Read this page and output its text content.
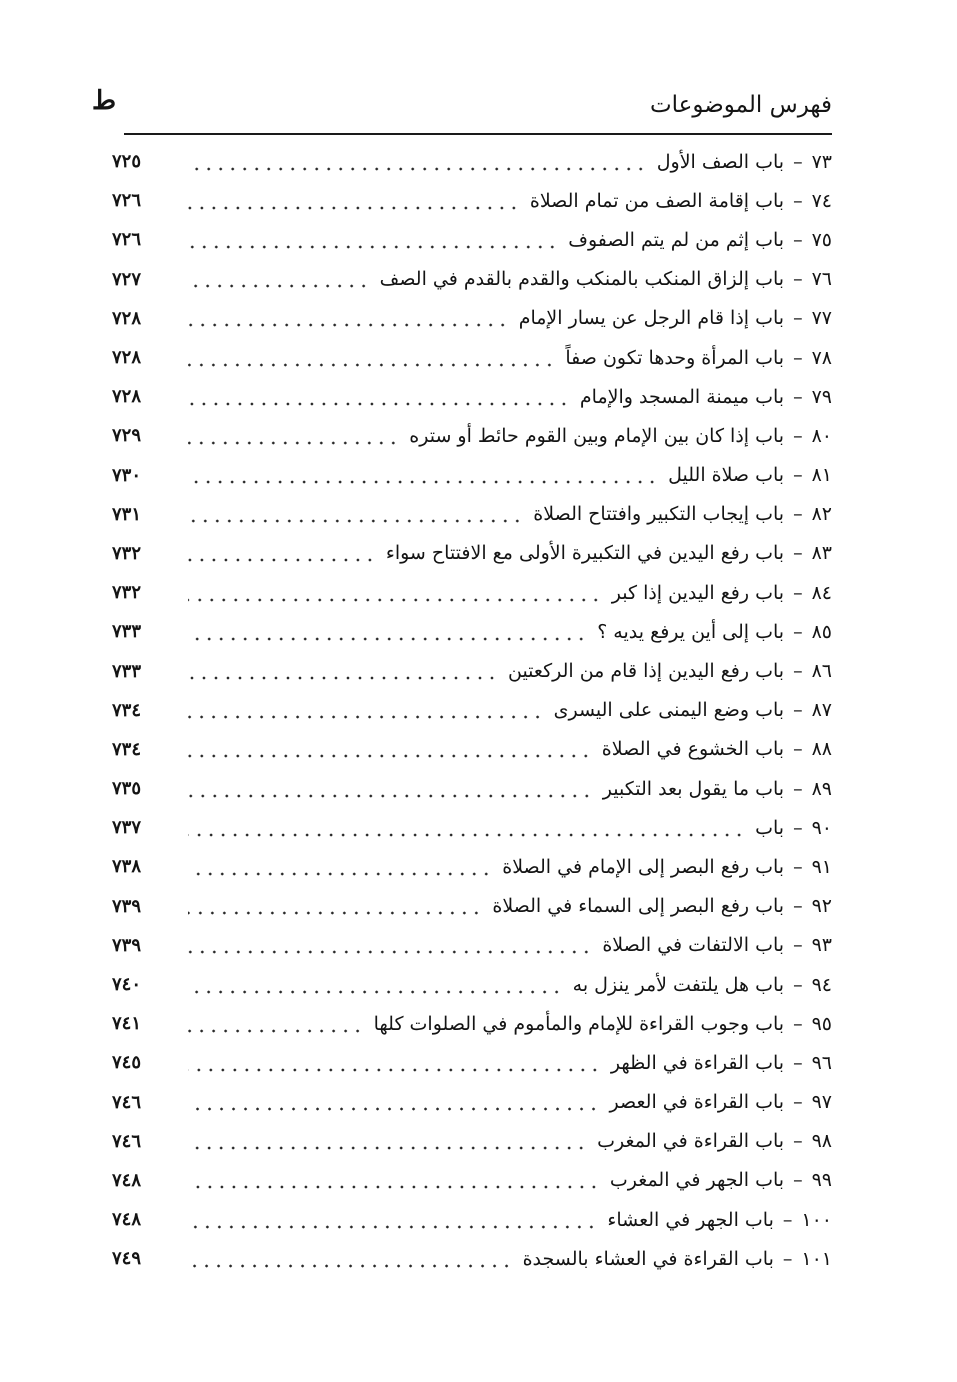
فهرس الموضوعات
ط
٧٣
–
باب الصف الأول
٧٢٥
٧٤
–
باب إقامة الصف من تمام الصلاة
٧٢٦
٧٥
–
باب إثم من لم يتم الصفوف
٧٢٦
٧٦
–
باب إلزاق المنكب بالمنكب والقدم بالقدم في الصف
٧٢٧
٧٧
–
باب إذا قام الرجل عن يسار الإمام
٧٢٨
٧٨
–
باب المرأة وحدها تكون صفاً
٧٢٨
٧٩
–
باب ميمنة المسجد والإمام
٧٢٨
٨٠
–
باب إذا كان بين الإمام وبين القوم حائط أو ستره
٧٢٩
٨١
–
باب صلاة الليل
٧٣٠
٨٢
–
باب إيجاب التكبير وافتتاح الصلاة
٧٣١
٨٣
–
باب رفع اليدين في التكبيرة الأولى مع الافتتاح سواء
٧٣٢
٨٤
–
باب رفع اليدين إذا كبر
٧٣٢
٨٥
–
باب إلى أين يرفع يديه ؟
٧٣٣
٨٦
–
باب رفع اليدين إذا قام من الركعتين
٧٣٣
٨٧
–
باب وضع اليمنى على اليسرى
٧٣٤
٨٨
–
باب الخشوع في الصلاة
٧٣٤
٨٩
–
باب ما يقول بعد التكبير
٧٣٥
٩٠
–
باب
٧٣٧
٩١
–
باب رفع البصر إلى الإمام في الصلاة
٧٣٨
٩٢
–
باب رفع البصر إلى السماء في الصلاة
٧٣٩
٩٣
–
باب الالتفات في الصلاة
٧٣٩
٩٤
–
باب هل يلتفت لأمر ينزل به
٧٤٠
٩٥
–
باب وجوب القراءة للإمام والمأموم في الصلوات كلها
٧٤١
٩٦
–
باب القراءة في الظهر
٧٤٥
٩٧
–
باب القراءة في العصر
٧٤٦
٩٨
–
باب القراءة في المغرب
٧٤٦
٩٩
–
باب الجهر في المغرب
٧٤٨
١٠٠
–
باب الجهر في العشاء
٧٤٨
١٠١
–
باب القراءة في العشاء بالسجدة
٧٤٩
